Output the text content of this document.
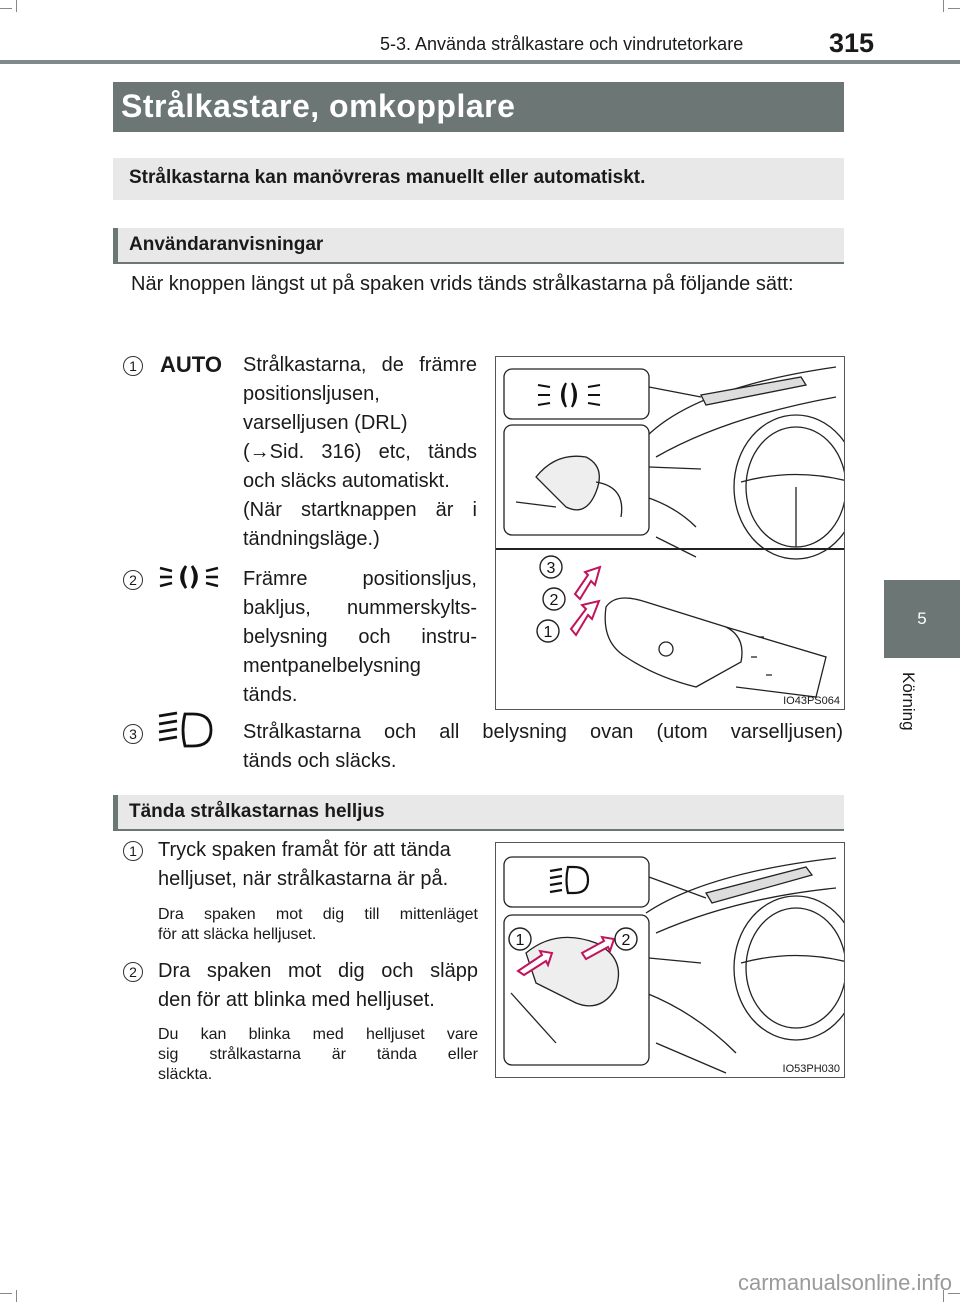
5-3. Använda strålkastare och vindrutetorkare	315
5
Körning
Strålkastare, omkopplare
Strålkastarna kan manövreras manuellt eller automatiskt.
Användaranvisningar
När knoppen längst ut på spaken vrids tänds strålkastarna på följande sätt:
1 AUTO Strålkastarna, de främre
positionsljusen,
varselljusen (DRL)
(→Sid. 316) etc, tänds
och släcks automatiskt.
(När startknappen är i
tändningsläge.)
2	Främre positionsljus,
bakljus, nummerskylts-
belysning och instru-
mentpanelbelysning
tänds.
3
2
1
IO43PS064
3	Strålkastarna och all belysning ovan (utom varselljusen)
tänds och släcks.
Tända strålkastarnas helljus
1	Tryck spaken framåt för att tända
helljuset, när strålkastarna är på.
Dra spaken mot dig till mittenläget
för att släcka helljuset.
2	Dra spaken mot dig och släpp
den för att blinka med helljuset.
Du kan blinka med helljuset vare
sig strålkastarna är tända eller
släckta.
1	2
IO53PH030
carmanualsonline.info
